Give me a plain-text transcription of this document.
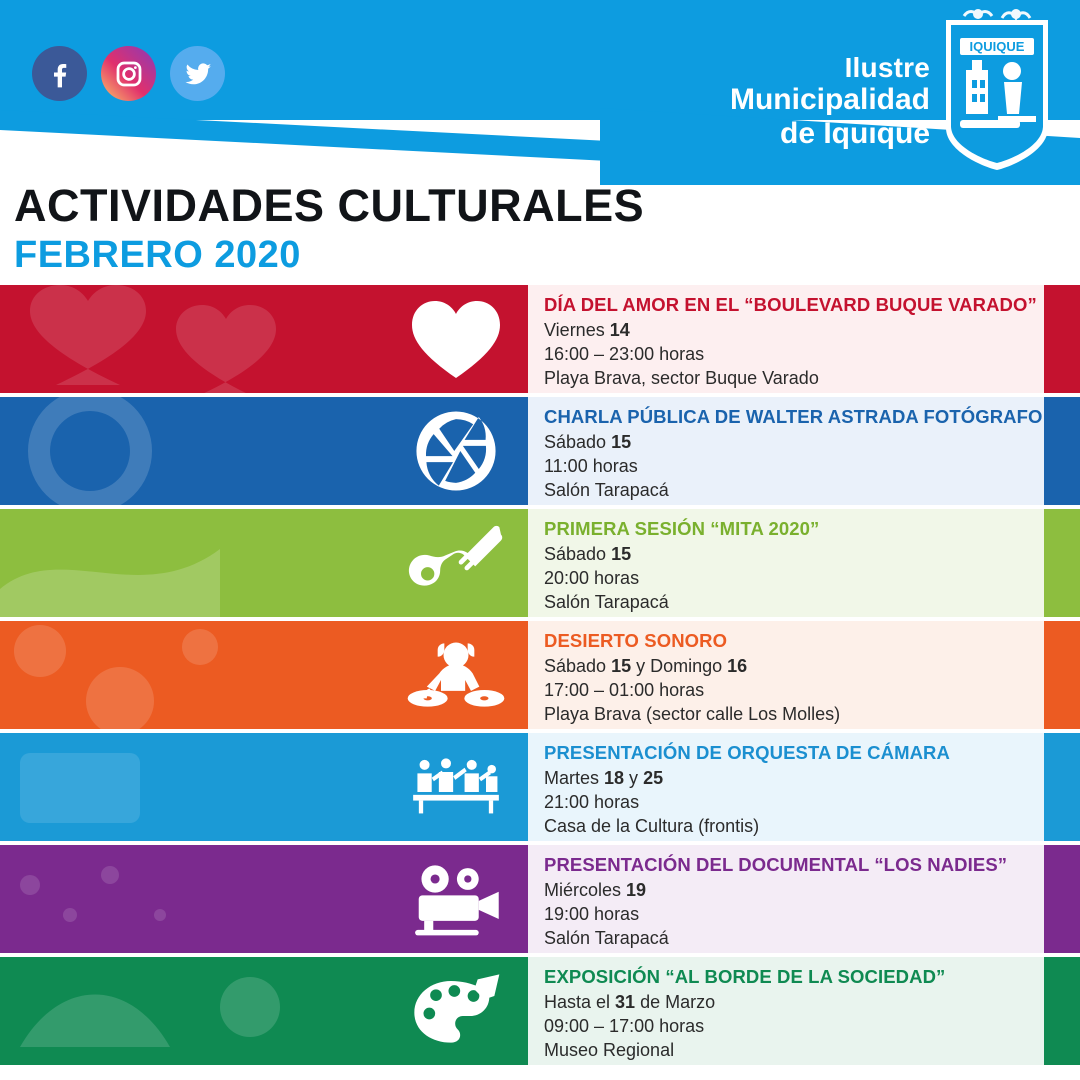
Ilustre
Municipalidad
de Iquique
IQUIQUE
ACTIVIDADES CULTURALES
FEBRERO 2020
DÍA DEL AMOR EN EL “BOULEVARD BUQUE VARADO”
Viernes 14
16:00 – 23:00 horas
Playa Brava, sector Buque Varado
CHARLA PÚBLICA DE WALTER ASTRADA FOTÓGRAFO
Sábado 15
11:00 horas
Salón Tarapacá
PRIMERA SESIÓN “MITA 2020”
Sábado 15
20:00 horas
Salón Tarapacá
DESIERTO SONORO
Sábado 15 y Domingo 16
17:00 – 01:00 horas
Playa Brava (sector calle Los Molles)
PRESENTACIÓN DE ORQUESTA DE CÁMARA
Martes 18 y 25
21:00 horas
Casa de la Cultura (frontis)
PRESENTACIÓN DEL DOCUMENTAL “LOS NADIES”
Miércoles 19
19:00 horas
Salón Tarapacá
EXPOSICIÓN “AL BORDE DE LA SOCIEDAD”
Hasta el 31 de Marzo
09:00 – 17:00 horas
Museo Regional
